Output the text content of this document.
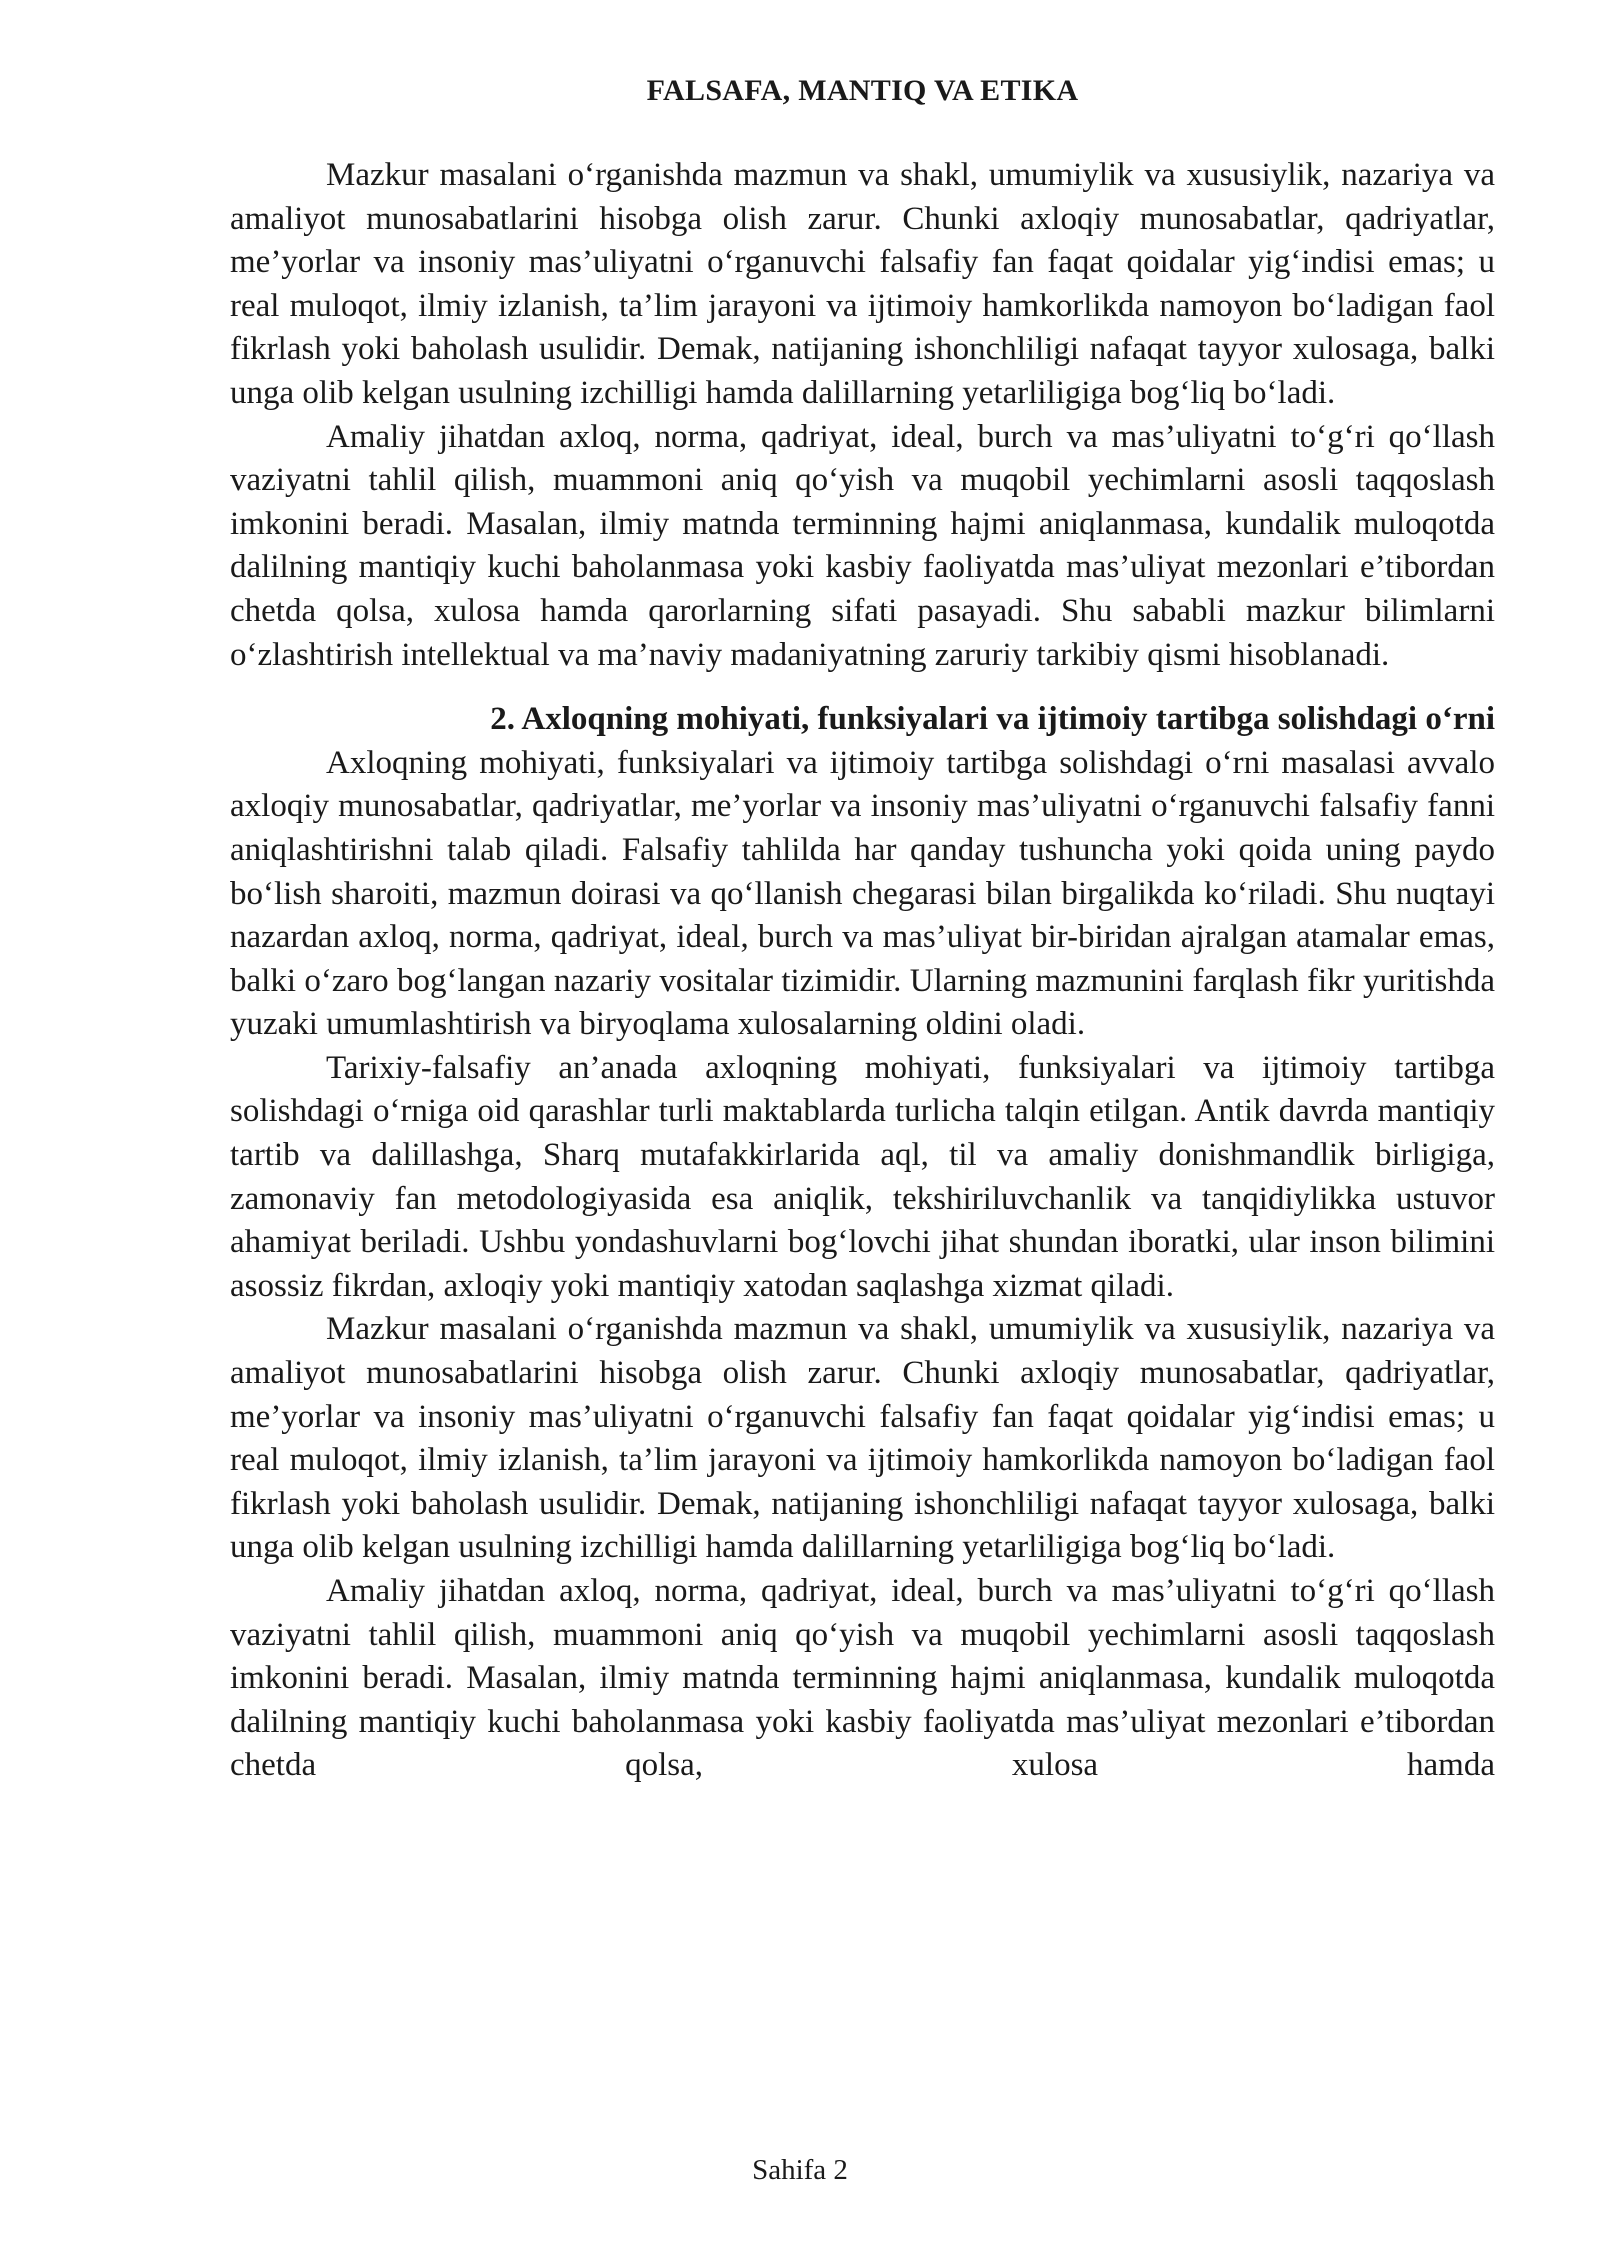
FALSAFA, MANTIQ VA ETIKA

Mazkur masalani o‘rganishda mazmun va shakl, umumiylik va xususiylik, nazariya va amaliyot munosabatlarini hisobga olish zarur. Chunki axloqiy munosabatlar, qadriyatlar, me’yorlar va insoniy mas’uliyatni o‘rganuvchi falsafiy fan faqat qoidalar yig‘indisi emas; u real muloqot, ilmiy izlanish, ta’lim jarayoni va ijtimoiy hamkorlikda namoyon bo‘ladigan faol fikrlash yoki baholash usulidir. Demak, natijaning ishonchliligi nafaqat tayyor xulosaga, balki unga olib kelgan usulning izchilligi hamda dalillarning yetarliligiga bog‘liq bo‘ladi.

Amaliy jihatdan axloq, norma, qadriyat, ideal, burch va mas’uliyatni to‘g‘ri qo‘llash vaziyatni tahlil qilish, muammoni aniq qo‘yish va muqobil yechimlarni asosli taqqoslash imkonini beradi. Masalan, ilmiy matnda terminning hajmi aniqlanmasa, kundalik muloqotda dalilning mantiqiy kuchi baholanmasa yoki kasbiy faoliyatda mas’uliyat mezonlari e’tibordan chetda qolsa, xulosa hamda qarorlarning sifati pasayadi. Shu sababli mazkur bilimlarni o‘zlashtirish intellektual va ma’naviy madaniyatning zaruriy tarkibiy qismi hisoblanadi.

2. Axloqning mohiyati, funksiyalari va ijtimoiy tartibga solishdagi o‘rni

Axloqning mohiyati, funksiyalari va ijtimoiy tartibga solishdagi o‘rni masalasi avvalo axloqiy munosabatlar, qadriyatlar, me’yorlar va insoniy mas’uliyatni o‘rganuvchi falsafiy fanni aniqlashtirishni talab qiladi. Falsafiy tahlilda har qanday tushuncha yoki qoida uning paydo bo‘lish sharoiti, mazmun doirasi va qo‘llanish chegarasi bilan birgalikda ko‘riladi. Shu nuqtayi nazardan axloq, norma, qadriyat, ideal, burch va mas’uliyat bir-biridan ajralgan atamalar emas, balki o‘zaro bog‘langan nazariy vositalar tizimidir. Ularning mazmunini farqlash fikr yuritishda yuzaki umumlashtirish va biryoqlama xulosalarning oldini oladi.

Tarixiy-falsafiy an’anada axloqning mohiyati, funksiyalari va ijtimoiy tartibga solishdagi o‘rniga oid qarashlar turli maktablarda turlicha talqin etilgan. Antik davrda mantiqiy tartib va dalillashga, Sharq mutafakkirlarida aql, til va amaliy donishmandlik birligiga, zamonaviy fan metodologiyasida esa aniqlik, tekshiriluvchanlik va tanqidiylikka ustuvor ahamiyat beriladi. Ushbu yondashuvlarni bog‘lovchi jihat shundan iboratki, ular inson bilimini asossiz fikrdan, axloqiy yoki mantiqiy xatodan saqlashga xizmat qiladi.

Mazkur masalani o‘rganishda mazmun va shakl, umumiylik va xususiylik, nazariya va amaliyot munosabatlarini hisobga olish zarur. Chunki axloqiy munosabatlar, qadriyatlar, me’yorlar va insoniy mas’uliyatni o‘rganuvchi falsafiy fan faqat qoidalar yig‘indisi emas; u real muloqot, ilmiy izlanish, ta’lim jarayoni va ijtimoiy hamkorlikda namoyon bo‘ladigan faol fikrlash yoki baholash usulidir. Demak, natijaning ishonchliligi nafaqat tayyor xulosaga, balki unga olib kelgan usulning izchilligi hamda dalillarning yetarliligiga bog‘liq bo‘ladi.

Amaliy jihatdan axloq, norma, qadriyat, ideal, burch va mas’uliyatni to‘g‘ri qo‘llash vaziyatni tahlil qilish, muammoni aniq qo‘yish va muqobil yechimlarni asosli taqqoslash imkonini beradi. Masalan, ilmiy matnda terminning hajmi aniqlanmasa, kundalik muloqotda dalilning mantiqiy kuchi baholanmasa yoki kasbiy faoliyatda mas’uliyat mezonlari e’tibordan chetda qolsa, xulosa hamda

Sahifa 2
